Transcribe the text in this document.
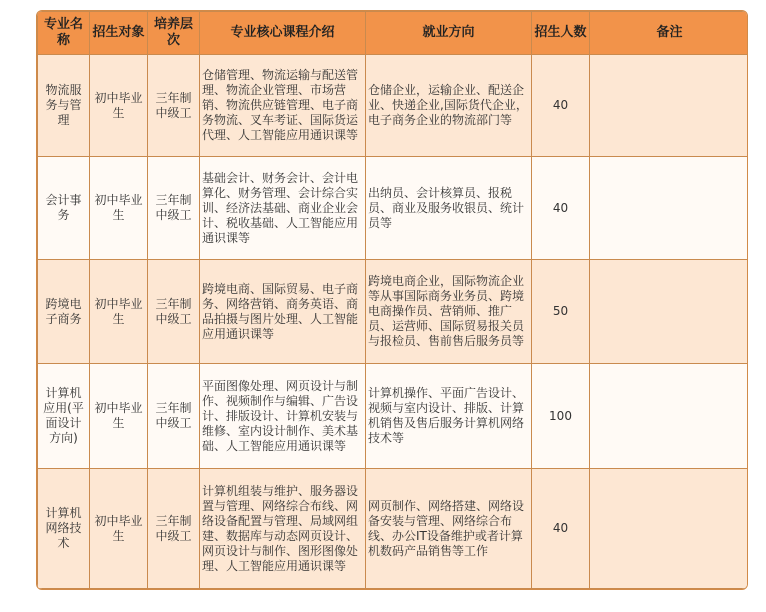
专业名称	招生对象	培养层次	专业核心课程介绍	就业方向	招生人数	备注
物流服务与管理	初中毕业生	三年制中级工	仓储管理、物流运输与配送管理、物流企业管理、市场营销、物流供应链管理、电子商务物流、叉车考证、国际货运代理、人工智能应用通识课等	仓储企业，运输企业、配送企业、快递企业,国际货代企业，电子商务企业的物流部门等	40	
会计事务	初中毕业生	三年制中级工	基础会计、财务会计、会计电算化、财务管理、会计综合实训、经济法基础、商业企业会计、税收基础、人工智能应用通识课等	出纳员、会计核算员、报税员、商业及服务收银员、统计员等	40	
跨境电子商务	初中毕业生	三年制中级工	跨境电商、国际贸易、电子商务、网络营销、商务英语、商品拍摄与图片处理、人工智能应用通识课等	跨境电商企业，国际物流企业等从事国际商务业务员、跨境电商操作员、营销师、推广员、运营师、国际贸易报关员与报检员、售前售后服务员等	50	
计算机应用(平面设计方向)	初中毕业生	三年制中级工	平面图像处理、网页设计与制作、视频制作与编辑、广告设计、排版设计、计算机安装与维修、室内设计制作、美术基础、人工智能应用通识课等	计算机操作、平面广告设计、视频与室内设计、排版、计算机销售及售后服务计算机网络技术等	100	
计算机网络技术	初中毕业生	三年制中级工	计算机组装与维护、服务器设置与管理、网络综合布线、网络设备配置与管理、局域网组建、数据库与动态网页设计、网页设计与制作、图形图像处理、人工智能应用通识课等	网页制作、网络搭建、网络设备安装与管理、网络综合布线、办公IT设备维护或者计算机数码产品销售等工作	40	
